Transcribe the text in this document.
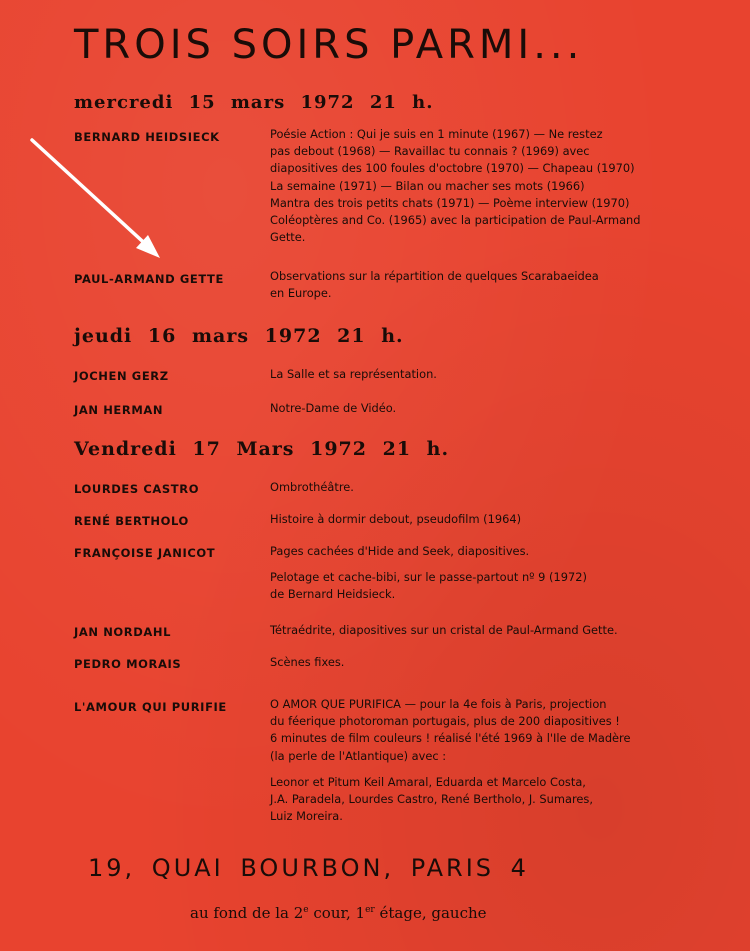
TROIS SOIRS PARMI...
mercredi 15 mars 1972 21 h.
BERNARD HEIDSIECK	Poésie Action : Qui je suis en 1 minute (1967) — Ne restez
pas debout (1968) — Ravaillac tu connais ? (1969) avec
diapositives des 100 foules d'octobre (1970) — Chapeau (1970)
La semaine (1971) — Bilan ou macher ses mots (1966)
Mantra des trois petits chats (1971) — Poème interview (1970)
Coléoptères and Co. (1965) avec la participation de Paul-Armand
Gette.
PAUL-ARMAND GETTE	Observations sur la répartition de quelques Scarabaeidea
en Europe.
jeudi 16 mars 1972 21 h.
JOCHEN GERZ	La Salle et sa représentation.
JAN HERMAN	Notre-Dame de Vidéo.
Vendredi 17 Mars 1972 21 h.
LOURDES CASTRO	Ombrothéâtre.
RENÉ BERTHOLO	Histoire à dormir debout, pseudofilm (1964)
FRANÇOISE JANICOT	Pages cachées d'Hide and Seek, diapositives.
Pelotage et cache-bibi, sur le passe-partout nº 9 (1972)
de Bernard Heidsieck.
JAN NORDAHL	Tétraédrite, diapositives sur un cristal de Paul-Armand Gette.
PEDRO MORAIS	Scènes fixes.
L'AMOUR QUI PURIFIE	O AMOR QUE PURIFICA — pour la 4e fois à Paris, projection
du féerique photoroman portugais, plus de 200 diapositives !
6 minutes de film couleurs ! réalisé l'été 1969 à l'Ile de Madère
(la perle de l'Atlantique) avec :
Leonor et Pitum Keil Amaral, Eduarda et Marcelo Costa,
J.A. Paradela, Lourdes Castro, René Bertholo, J. Sumares,
Luiz Moreira.
19, QUAI BOURBON, PARIS 4
au fond de la 2e cour, 1er étage, gauche
